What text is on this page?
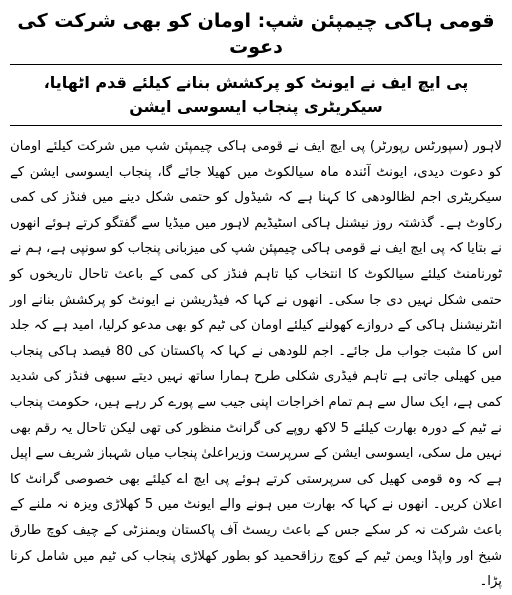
قومی ہاکی چیمپئن شپ: اومان کو بھی شرکت کی دعوت
پی ایچ ایف نے ایونٹ کو پرکشش بنانے کیلئے قدم اٹھایا، سیکریٹری پنجاب ایسوسی ایشن

لاہور (سپورٹس رپورٹر) پی ایچ ایف نے قومی ہاکی چیمپئن شپ میں شرکت کیلئے اومان کو دعوت دیدی، ایونٹ آئندہ ماہ سیالکوٹ میں کھیلا جائے گا، پنجاب ایسوسی ایشن کے سیکریٹری اجم لظالودھی کا کہنا ہے کہ شیڈول کو حتمی شکل دینے میں فنڈز کی کمی رکاوٹ ہے۔ گذشتہ روز نیشنل ہاکی اسٹیڈیم لاہور میں میڈیا سے گفتگو کرتے ہوئے انھوں نے بتایا کہ پی ایچ ایف نے قومی ہاکی چیمپئن شپ کی میزبانی پنجاب کو سونپی ہے، ہم نے ٹورنامنٹ کیلئے سیالکوٹ کا انتخاب کیا تاہم فنڈز کی کمی کے باعث تاحال تاریخوں کو حتمی شکل نہیں دی جا سکی۔ انھوں نے کہا کہ فیڈریشن نے ایونٹ کو پرکشش بنانے اور انٹرنیشنل ہاکی کے دروازے کھولنے کیلئے اومان کی ٹیم کو بھی مدعو کرلیا، امید ہے کہ جلد اس کا مثبت جواب مل جائے۔ اجم للودھی نے کہا کہ پاکستان کی 80 فیصد ہاکی پنجاب میں کھیلی جاتی ہے تاہم فیڈری شکلی طرح ہمارا ساتھ نہیں دیتے سبھی فنڈز کی شدید کمی ہے، ایک سال سے ہم تمام اخراجات اپنی جیب سے پورے کر رہے ہیں، حکومت پنجاب نے ٹیم کے دورہ بھارت کیلئے 5 لاکھ روپے کی گرانٹ منظور کی تھی لیکن تاحال یہ رقم بھی نہیں مل سکی، ایسوسی ایشن کے سرپرست وزیراعلیٰ پنجاب میاں شہباز شریف سے اپیل ہے کہ وہ قومی کھیل کی سرپرستی کرتے ہوئے پی ایچ اے کیلئے بھی خصوصی گرانٹ کا اعلان کریں۔ انھوں نے کہا کہ بھارت میں ہونے والے ایونٹ میں 5 کھلاڑی ویزہ نہ ملنے کے باعث شرکت نہ کر سکے جس کے باعث ریسٹ آف پاکستان ویمنزٹی کے چیف کوچ طارق شیخ اور واپڈا ویمن ٹیم کے کوچ رزاقحمید کو بطور کھلاڑی پنجاب کی ٹیم میں شامل کرنا پڑا۔
